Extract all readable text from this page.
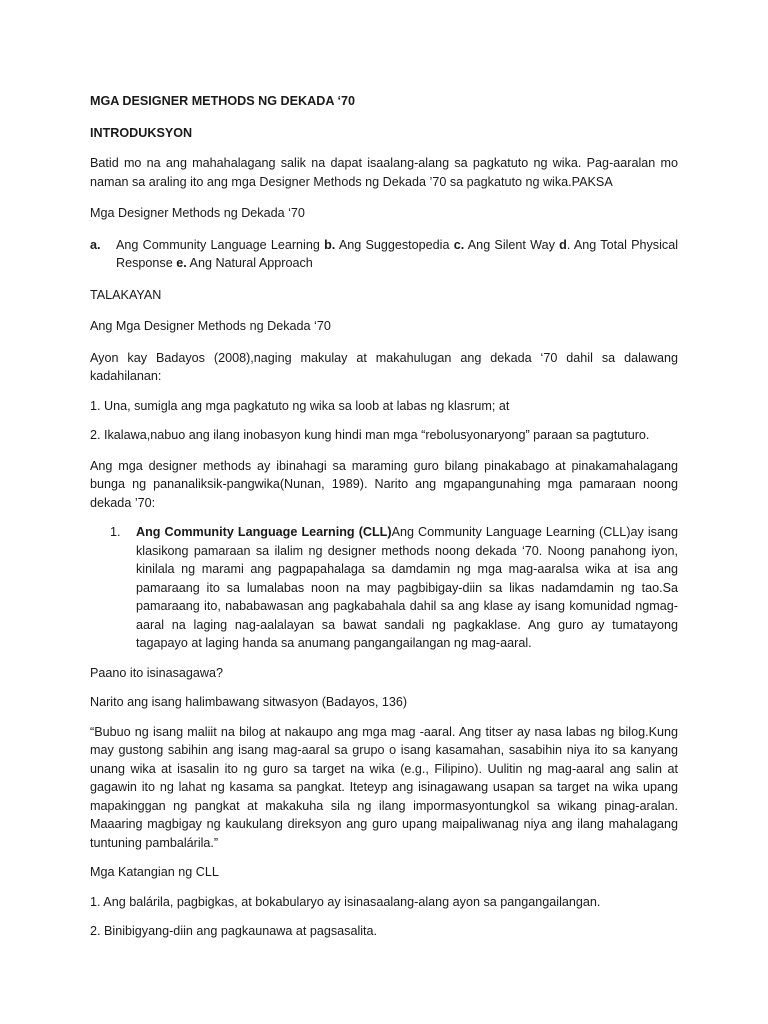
MGA DESIGNER METHODS NG DEKADA ‘70

INTRODUKSYON

Batid mo na ang mahahalagang salik na dapat isaalang-alang sa pagkatuto ng wika. Pag-aaralan mo naman sa araling ito ang mga Designer Methods ng Dekada ’70 sa pagkatuto ng wika.PAKSA

Mga Designer Methods ng Dekada ‘70

a.	Ang Community Language Learning b. Ang Suggestopedia c. Ang Silent Way d. Ang Total Physical Response e. Ang Natural Approach

TALAKAYAN

Ang Mga Designer Methods ng Dekada ‘70

Ayon kay Badayos (2008),naging makulay at makahulugan ang dekada ‘70 dahil sa dalawang kadahilanan:

1. Una, sumigla ang mga pagkatuto ng wika sa loob at labas ng klasrum; at

2. Ikalawa,nabuo ang ilang inobasyon kung hindi man mga “rebolusyonaryong” paraan sa pagtuturo.

Ang mga designer methods ay ibinahagi sa maraming guro bilang pinakabago at pinakamahalagang bunga ng pananaliksik-pangwika(Nunan, 1989). Narito ang mgapangunahing mga pamaraan noong dekada ’70:

1.	Ang Community Language Learning (CLL)Ang Community Language Learning (CLL)ay isang klasikong pamaraan sa ilalim ng designer methods noong dekada ‘70. Noong panahong iyon, kinilala ng marami ang pagpapahalaga sa damdamin ng mga mag-aaralsa wika at isa ang pamaraang ito sa lumalabas noon na may pagbibigay-diin sa likas nadamdamin ng tao.Sa pamaraang ito, nababawasan ang pagkabahala dahil sa ang klase ay isang komunidad ngmag-aaral na laging nag-aalalayan sa bawat sandali ng pagkaklase. Ang guro ay tumatayong tagapayo at laging handa sa anumang pangangailangan ng mag-aaral.

Paano ito isinasagawa?

Narito ang isang halimbawang sitwasyon (Badayos, 136)

“Bubuo ng isang maliit na bilog at nakaupo ang mga mag -aaral. Ang titser ay nasa labas ng bilog.Kung may gustong sabihin ang isang mag-aaral sa grupo o isang kasamahan, sasabihin niya ito sa kanyang unang wika at isasalin ito ng guro sa target na wika (e.g., Filipino). Uulitin ng mag-aaral ang salin at gagawin ito ng lahat ng kasama sa pangkat. Iteteyp ang isinagawang usapan sa target na wika upang mapakinggan ng pangkat at makakuha sila ng ilang impormasyontungkol sa wikang pinag-aralan. Maaaring magbigay ng kaukulang direksyon ang guro upang maipaliwanag niya ang ilang mahalagang tuntuning pambalárila.”

Mga Katangian ng CLL

1. Ang balárila, pagbigkas, at bokabularyo ay isinasaalang-alang ayon sa pangangailangan.

2. Binibigyang-diin ang pagkaunawa at pagsasalita.
